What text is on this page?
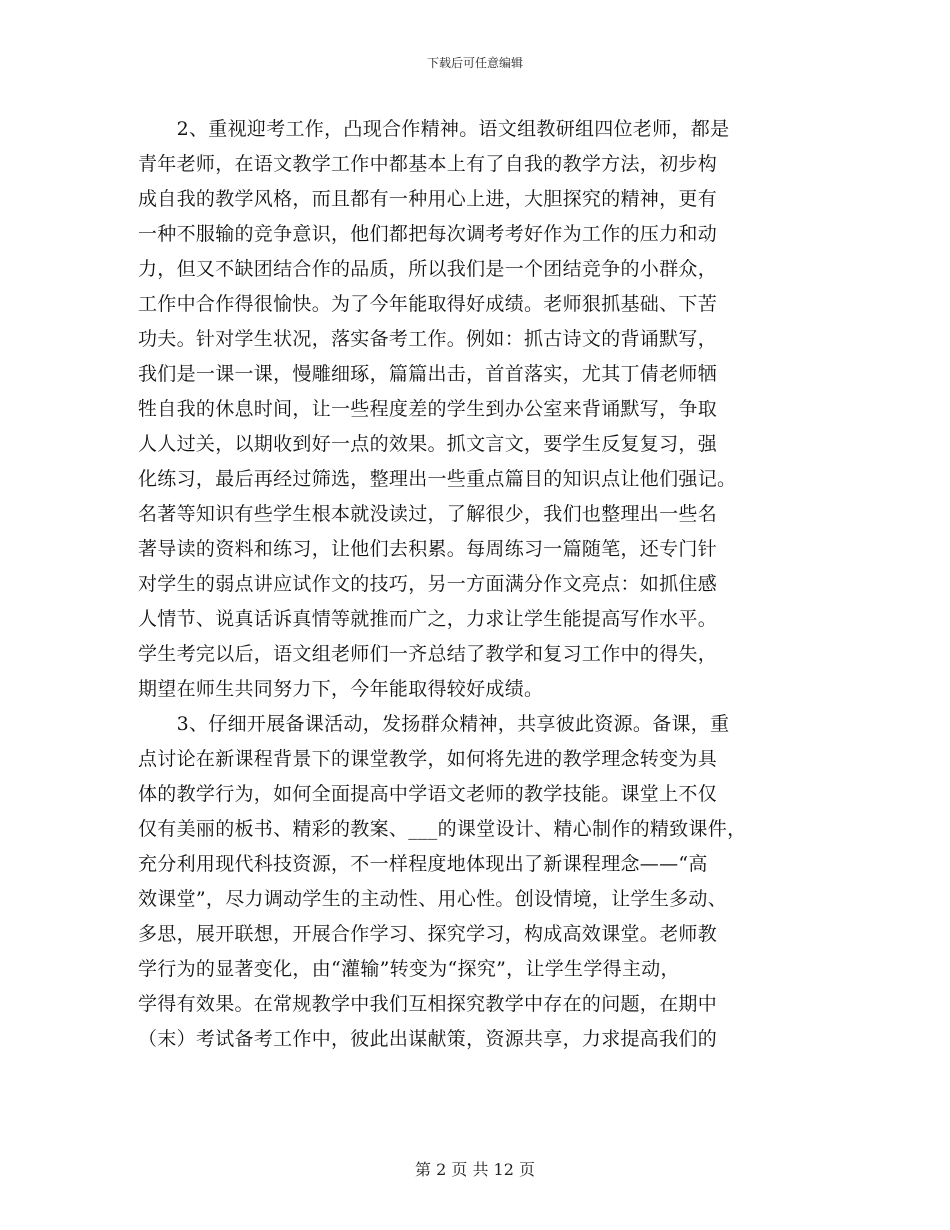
下载后可任意编辑
　　2、重视迎考工作，凸现合作精神。语文组教研组四位老师，都是
青年老师，在语文教学工作中都基本上有了自我的教学方法，初步构
成自我的教学风格，而且都有一种用心上进，大胆探究的精神，更有
一种不服输的竞争意识，他们都把每次调考考好作为工作的压力和动
力，但又不缺团结合作的品质，所以我们是一个团结竞争的小群众，
工作中合作得很愉快。为了今年能取得好成绩。老师狠抓基础、下苦
功夫。针对学生状况，落实备考工作。例如：抓古诗文的背诵默写，
我们是一课一课，慢雕细琢，篇篇出击，首首落实，尤其丁倩老师牺
牲自我的休息时间，让一些程度差的学生到办公室来背诵默写，争取
人人过关，以期收到好一点的效果。抓文言文，要学生反复复习，强
化练习，最后再经过筛选，整理出一些重点篇目的知识点让他们强记。
名著等知识有些学生根本就没读过，了解很少，我们也整理出一些名
著导读的资料和练习，让他们去积累。每周练习一篇随笔，还专门针
对学生的弱点讲应试作文的技巧，另一方面满分作文亮点：如抓住感
人情节、说真话诉真情等就推而广之，力求让学生能提高写作水平。
学生考完以后，语文组老师们一齐总结了教学和复习工作中的得失，
期望在师生共同努力下，今年能取得较好成绩。
　　3、仔细开展备课活动，发扬群众精神，共享彼此资源。备课，重
点讨论在新课程背景下的课堂教学，如何将先进的教学理念转变为具
体的教学行为，如何全面提高中学语文老师的教学技能。课堂上不仅
仅有美丽的板书、精彩的教案、___的课堂设计、精心制作的精致课件，
充分利用现代科技资源，不一样程度地体现出了新课程理念——“高
效课堂”，尽力调动学生的主动性、用心性。创设情境，让学生多动、
多思，展开联想，开展合作学习、探究学习，构成高效课堂。老师教
学行为的显著变化，由“灌输”转变为“探究”，让学生学得主动，
学得有效果。在常规教学中我们互相探究教学中存在的问题，在期中
（末）考试备考工作中，彼此出谋献策，资源共享，力求提高我们的
第 2 页 共 12 页
